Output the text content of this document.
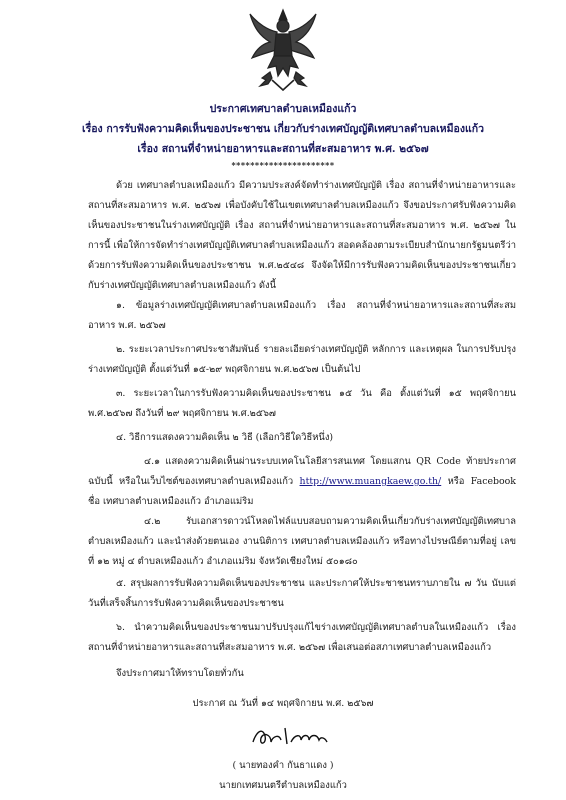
ประกาศเทศบาลตำบลเหมืองแก้ว
เรื่อง การรับฟังความคิดเห็นของประชาชน เกี่ยวกับร่างเทศบัญญัติเทศบาลตำบลเหมืองแก้ว
เรื่อง สถานที่จำหน่ายอาหารและสถานที่สะสมอาหาร พ.ศ. ๒๕๖๗
**********************
ด้วย เทศบาลตำบลเหมืองแก้ว มีความประสงค์จัดทำร่างเทศบัญญัติ เรื่อง สถานที่จำหน่ายอาหารและสถานที่สะสมอาหาร พ.ศ. ๒๕๖๗ เพื่อบังคับใช้ในเขตเทศบาลตำบลเหมืองแก้ว จึงขอประกาศรับฟังความคิดเห็นของประชาชนในร่างเทศบัญญัติ เรื่อง สถานที่จำหน่ายอาหารและสถานที่สะสมอาหาร พ.ศ. ๒๕๖๗ ในการนี้ เพื่อให้การจัดทำร่างเทศบัญญัติเทศบาลตำบลเหมืองแก้ว สอดคล้องตามระเบียบสำนักนายกรัฐมนตรีว่าด้วยการรับฟังความคิดเห็นของประชาชน พ.ศ.๒๕๔๘ จึงจัดให้มีการรับฟังความคิดเห็นของประชาชนเกี่ยวกับร่างเทศบัญญัติเทศบาลตำบลเหมืองแก้ว ดังนี้
๑. ข้อมูลร่างเทศบัญญัติเทศบาลตำบลเหมืองแก้ว เรื่อง สถานที่จำหน่ายอาหารและสถานที่สะสมอาหาร พ.ศ. ๒๕๖๗
๒. ระยะเวลาประกาศประชาสัมพันธ์ รายละเอียดร่างเทศบัญญัติ หลักการ และเหตุผล ในการปรับปรุงร่างเทศบัญญัติ ตั้งแต่วันที่ ๑๕-๒๙ พฤศจิกายน พ.ศ.๒๕๖๗ เป็นต้นไป
๓. ระยะเวลาในการรับฟังความคิดเห็นของประชาชน ๑๕ วัน คือ ตั้งแต่วันที่ ๑๕ พฤศจิกายน พ.ศ.๒๕๖๗ ถึงวันที่ ๒๙ พฤศจิกายน พ.ศ.๒๕๖๗
๔. วิธีการแสดงความคิดเห็น ๒ วิธี (เลือกวิธีใดวิธีหนึ่ง)
๔.๑ แสดงความคิดเห็นผ่านระบบเทคโนโลยีสารสนเทศ โดยแสกน QR Code ท้ายประกาศฉบับนี้ หรือในเว็บไซต์ของเทศบาลตำบลเหมืองแก้ว http://www.muangkaew.go.th/ หรือ Facebook ชื่อ เทศบาลตำบลเหมืองแก้ว อำเภอแม่ริม
๔.๒ รับเอกสารดาวน์โหลดไฟล์แบบสอบถามความคิดเห็นเกี่ยวกับร่างเทศบัญญัติเทศบาลตำบลเหมืองแก้ว และนำส่งด้วยตนเอง งานนิติการ เทศบาลตำบลเหมืองแก้ว หรือทางไปรษณีย์ตามที่อยู่ เลขที่ ๑๒ หมู่ ๔ ตำบลเหมืองแก้ว อำเภอแม่ริม จังหวัดเชียงใหม่ ๕๐๑๘๐
๕. สรุปผลการรับฟังความคิดเห็นของประชาชน และประกาศให้ประชาชนทราบภายใน ๗ วัน นับแต่วันที่เสร็จสิ้นการรับฟังความคิดเห็นของประชาชน
๖. นำความคิดเห็นของประชาชนมาปรับปรุงแก้ไขร่างเทศบัญญัติเทศบาลตำบลในเหมืองแก้ว เรื่อง สถานที่จำหน่ายอาหารและสถานที่สะสมอาหาร พ.ศ. ๒๕๖๗ เพื่อเสนอต่อสภาเทศบาลตำบลเหมืองแก้ว
จึงประกาศมาให้ทราบโดยทั่วกัน
ประกาศ ณ วันที่ ๑๔ พฤศจิกายน พ.ศ. ๒๕๖๗
( นายทองคำ กันธาแดง )
นายกเทศมนตรีตำบลเหมืองแก้ว
